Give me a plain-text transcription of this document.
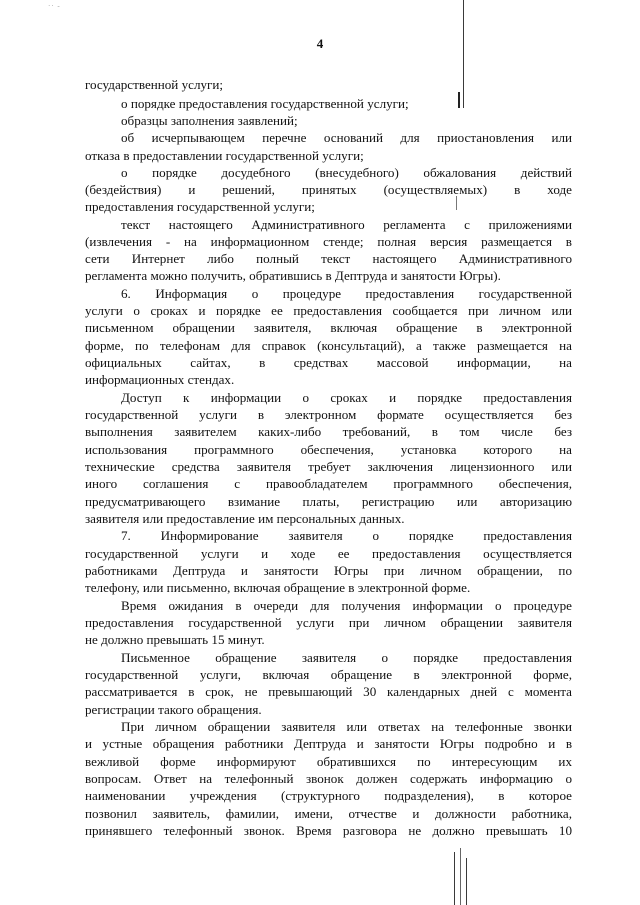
·· -
4
государственной услуги;
о порядке предоставления государственной услуги;
образцы заполнения заявлений;
об исчерпывающем перечне оснований для приостановления или
отказа в предоставлении государственной услуги;
о порядке досудебного (внесудебного) обжалования действий
(бездействия) и решений, принятых (осуществляемых) в ходе
предоставления государственной услуги;
текст настоящего Административного регламента с приложениями
(извлечения - на информационном стенде; полная версия размещается в
сети Интернет либо полный текст настоящего Административного
регламента можно получить, обратившись в Дептруда и занятости Югры).
6. Информация о процедуре предоставления государственной
услуги о сроках и порядке ее предоставления сообщается при личном или
письменном обращении заявителя, включая обращение в электронной
форме, по телефонам для справок (консультаций), а также размещается на
официальных сайтах, в средствах массовой информации, на
информационных стендах.
Доступ к информации о сроках и порядке предоставления
государственной услуги в электронном формате осуществляется без
выполнения заявителем каких-либо требований, в том числе без
использования программного обеспечения, установка которого на
технические средства заявителя требует заключения лицензионного или
иного соглашения с правообладателем программного обеспечения,
предусматривающего взимание платы, регистрацию или авторизацию
заявителя или предоставление им персональных данных.
7. Информирование заявителя о порядке предоставления
государственной услуги и ходе ее предоставления осуществляется
работниками Дептруда и занятости Югры при личном обращении, по
телефону, или письменно, включая обращение в электронной форме.
Время ожидания в очереди для получения информации о процедуре
предоставления государственной услуги при личном обращении заявителя
не должно превышать 15 минут.
Письменное обращение заявителя о порядке предоставления
государственной услуги, включая обращение в электронной форме,
рассматривается в срок, не превышающий 30 календарных дней с момента
регистрации такого обращения.
При личном обращении заявителя или ответах на телефонные звонки
и устные обращения работники Дептруда и занятости Югры подробно и в
вежливой форме информируют обратившихся по интересующим их
вопросам. Ответ на телефонный звонок должен содержать информацию о
наименовании учреждения (структурного подразделения), в которое
позвонил заявитель, фамилии, имени, отчестве и должности работника,
принявшего телефонный звонок. Время разговора не должно превышать 10
